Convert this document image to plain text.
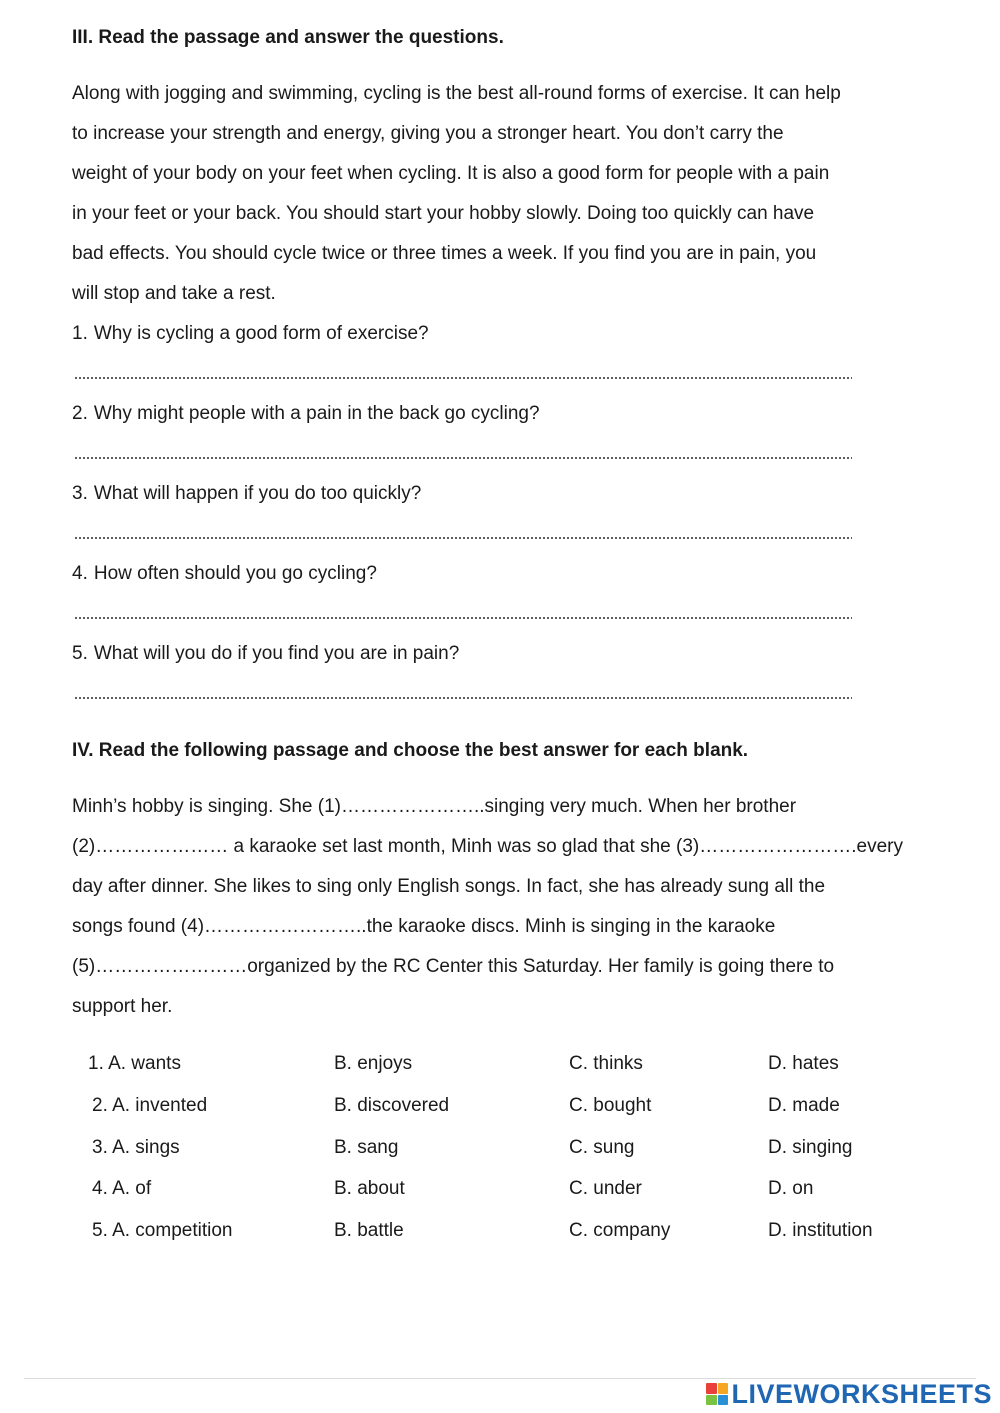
III. Read the passage and answer the questions.
Along with jogging and swimming, cycling is the best all-round forms of exercise. It can help
to increase your strength and energy, giving you a stronger heart. You don’t carry the
weight of your body on your feet when cycling. It is also a good form for people with a pain
in your feet or your back. You should start your hobby slowly. Doing too quickly can have
bad effects. You should cycle twice or three times a week. If you find you are in pain, you
will stop and take a rest.
1. Why is cycling a good form of exercise?
2. Why might people with a pain in the back go cycling?
3. What will happen if you do too quickly?
4. How often should you go cycling?
5. What will you do if you find you are in pain?
IV. Read the following passage and choose the best answer for each blank.
Minh’s hobby is singing. She (1)…………………..singing very much. When her brother
(2)………………… a karaoke set last month, Minh was so glad that she (3)…………………….every
day after dinner. She likes to sing only English songs. In fact, she has already sung all the
songs found (4)……………………..the karaoke discs. Minh is singing in the karaoke
(5)……………………organized by the RC Center this Saturday. Her family is going there to
support her.
1. A. wants	B. enjoys	C. thinks	D. hates
2. A. invented	B. discovered	C. bought	D. made
3. A. sings	B. sang	C. sung	D. singing
4. A. of	B. about	C. under	D. on
5. A. competition	B. battle	C. company	D. institution
LIVEWORKSHEETS
